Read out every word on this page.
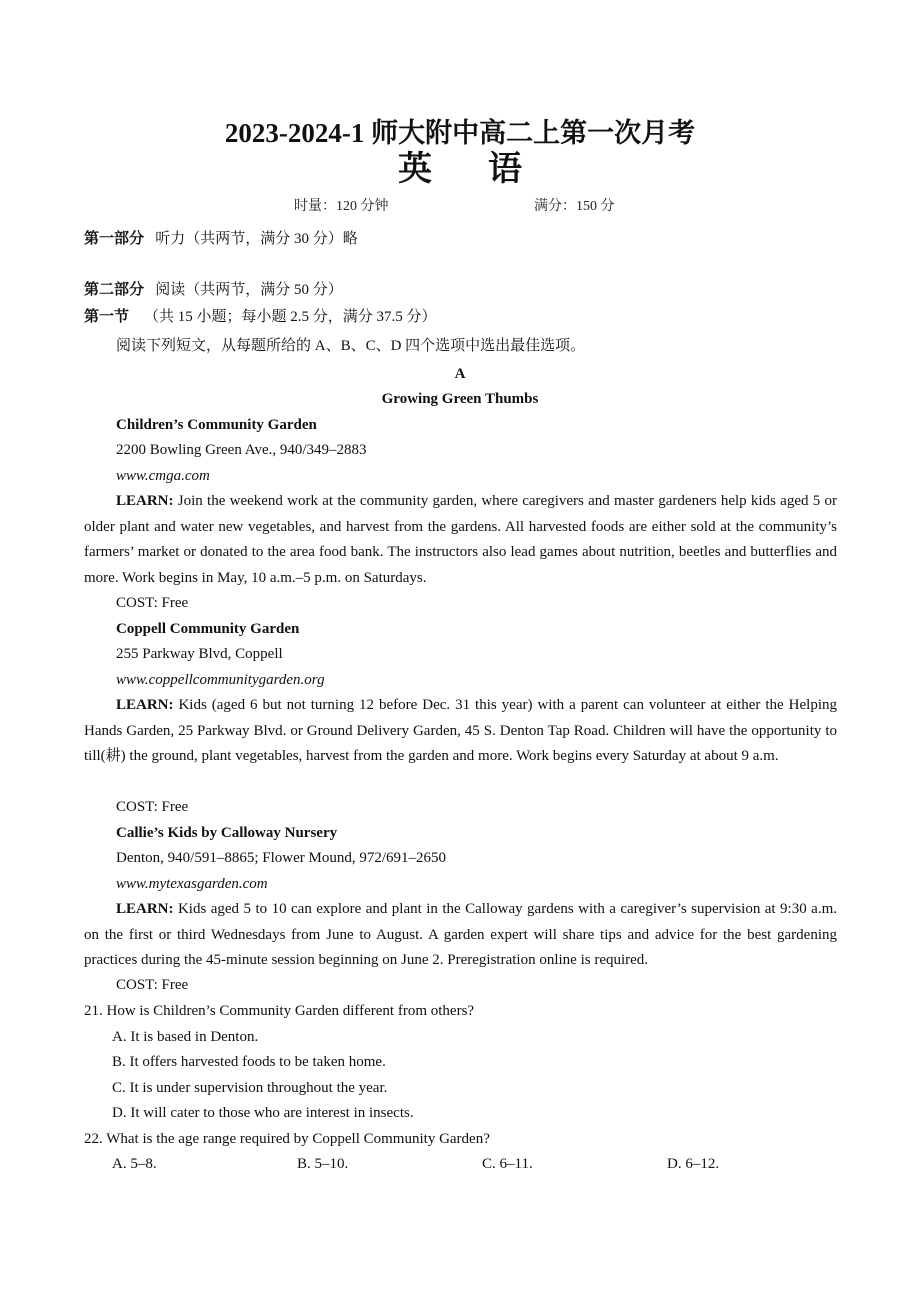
2023-2024-1 师大附中高二上第一次月考
英 语
时量：120 分钟	满分：150 分
第一部分 听力（共两节，满分 30 分）略
第二部分 阅读（共两节，满分 50 分）
第一节 （共 15 小题；每小题 2.5 分，满分 37.5 分）
阅读下列短文，从每题所给的 A、B、C、D 四个选项中选出最佳选项。
A
Growing Green Thumbs
Children’s Community Garden
2200 Bowling Green Ave., 940/349–2883
www.cmga.com

LEARN: Join the weekend work at the community garden, where caregivers and master gardeners help kids aged 5 or older plant and water new vegetables, and harvest from the gardens. All harvested foods are either sold at the community’s farmers’ market or donated to the area food bank. The instructors also lead games about nutrition, beetles and butterflies and more. Work begins in May, 10 a.m.–5 p.m. on Saturdays.

COST: Free
Coppell Community Garden
255 Parkway Blvd, Coppell
www.coppellcommunitygarden.org

LEARN: Kids (aged 6 but not turning 12 before Dec. 31 this year) with a parent can volunteer at either the Helping Hands Garden, 25 Parkway Blvd. or Ground Delivery Garden, 45 S. Denton Tap Road. Children will have the opportunity to till(耕) the ground, plant vegetables, harvest from the garden and more. Work begins every Saturday at about 9 a.m.

COST: Free
Callie’s Kids by Calloway Nursery
Denton, 940/591–8865; Flower Mound, 972/691–2650
www.mytexasgarden.com

LEARN: Kids aged 5 to 10 can explore and plant in the Calloway gardens with a caregiver’s supervision at 9:30 a.m. on the first or third Wednesdays from June to August. A garden expert will share tips and advice for the best gardening practices during the 45-minute session beginning on June 2. Preregistration online is required.

COST: Free
21. How is Children’s Community Garden different from others?
A. It is based in Denton.
B. It offers harvested foods to be taken home.
C. It is under supervision throughout the year.
D. It will cater to those who are interest in insects.
22. What is the age range required by Coppell Community Garden?
A. 5–8.	B. 5–10.	C. 6–11.	D. 6–12.
